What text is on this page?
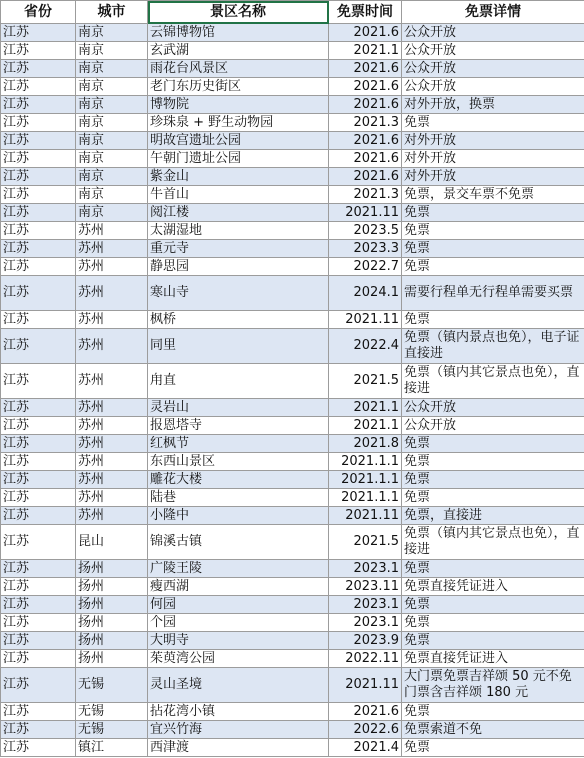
省份	城市	景区名称	免票时间	免票详情
江苏	南京	云锦博物馆	2021.6	公众开放
江苏	南京	玄武湖	2021.1	公众开放
江苏	南京	雨花台风景区	2021.6	公众开放
江苏	南京	老门东历史街区	2021.6	公众开放
江苏	南京	博物院	2021.6	对外开放，换票
江苏	南京	珍珠泉 + 野生动物园	2021.3	免票
江苏	南京	明故宫遗址公园	2021.6	对外开放
江苏	南京	午朝门遗址公园	2021.6	对外开放
江苏	南京	紫金山	2021.6	对外开放
江苏	南京	牛首山	2021.3	免票，景交车票不免票
江苏	南京	阅江楼	2021.11	免票
江苏	苏州	太湖湿地	2023.5	免票
江苏	苏州	重元寺	2023.3	免票
江苏	苏州	静思园	2022.7	免票
江苏	苏州	寒山寺	2024.1	需要行程单无行程单需要买票
江苏	苏州	枫桥	2021.11	免票
江苏	苏州	同里	2022.4	免票（镇内景点也免），电子证直接进
江苏	苏州	甪直	2021.5	免票（镇内其它景点也免），直接进
江苏	苏州	灵岩山	2021.1	公众开放
江苏	苏州	报恩塔寺	2021.1	公众开放
江苏	苏州	红枫节	2021.8	免票
江苏	苏州	东西山景区	2021.1.1	免票
江苏	苏州	雕花大楼	2021.1.1	免票
江苏	苏州	陆巷	2021.1.1	免票
江苏	苏州	小隆中	2021.11	免票，直接进
江苏	昆山	锦溪古镇	2021.5	免票（镇内其它景点也免），直接进
江苏	扬州	广陵王陵	2023.1	免票
江苏	扬州	瘦西湖	2023.11	免票直接凭证进入
江苏	扬州	何园	2023.1	免票
江苏	扬州	个园	2023.1	免票
江苏	扬州	大明寺	2023.9	免票
江苏	扬州	茱萸湾公园	2022.11	免票直接凭证进入
江苏	无锡	灵山圣境	2021.11	大门票免票吉祥颂 50 元不免门票含吉祥颂 180 元
江苏	无锡	拈花湾小镇	2021.6	免票
江苏	无锡	宜兴竹海	2022.6	免票索道不免
江苏	镇江	西津渡	2021.4	免票
